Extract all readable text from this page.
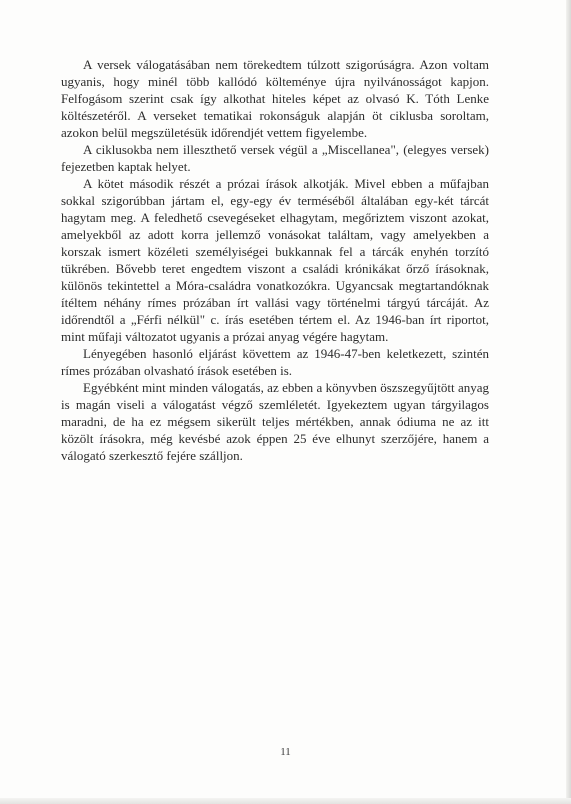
A versek válogatásában nem törekedtem túlzott szigorúságra. Azon voltam ugyanis, hogy minél több kallódó költeménye újra nyilvánosságot kapjon. Felfogásom szerint csak így alkothat hiteles képet az olvasó K. Tóth Lenke költészetéről. A verseket tematikai rokonságuk alapján öt ciklusba soroltam, azokon belül megszületésük időrendjét vettem figyelembe.

A ciklusokba nem illeszthető versek végül a „Miscellanea", (elegyes versek) fejezetben kaptak helyet.

A kötet második részét a prózai írások alkotják. Mivel ebben a műfajban sokkal szigorúbban jártam el, egy-egy év terméséből általában egy-két tárcát hagytam meg. A feledhető csevegéseket elhagytam, megőriztem viszont azokat, amelyekből az adott korra jellemző vonásokat találtam, vagy amelyekben a korszak ismert közéleti személyiségei bukkannak fel a tárcák enyhén torzító tükrében. Bővebb teret engedtem viszont a családi krónikákat őrző írásoknak, különös tekintettel a Móra-családra vonatkozókra. Ugyancsak megtartandóknak ítéltem néhány rímes prózában írt vallási vagy történelmi tárgyú tárcáját. Az időrendtől a „Férfi nélkül" c. írás esetében tértem el. Az 1946-ban írt riportot, mint műfaji változatot ugyanis a prózai anyag végére hagytam.

Lényegében hasonló eljárást követtem az 1946-47-ben keletkezett, szintén rímes prózában olvasható írások esetében is.

Egyébként mint minden válogatás, az ebben a könyvben öszszegyűjtött anyag is magán viseli a válogatást végző szemléletét. Igyekeztem ugyan tárgyilagos maradni, de ha ez mégsem sikerült teljes mértékben, annak ódiuma ne az itt közölt írásokra, még kevésbé azok éppen 25 éve elhunyt szerzőjére, hanem a válogató szerkesztő fejére szálljon.

11
